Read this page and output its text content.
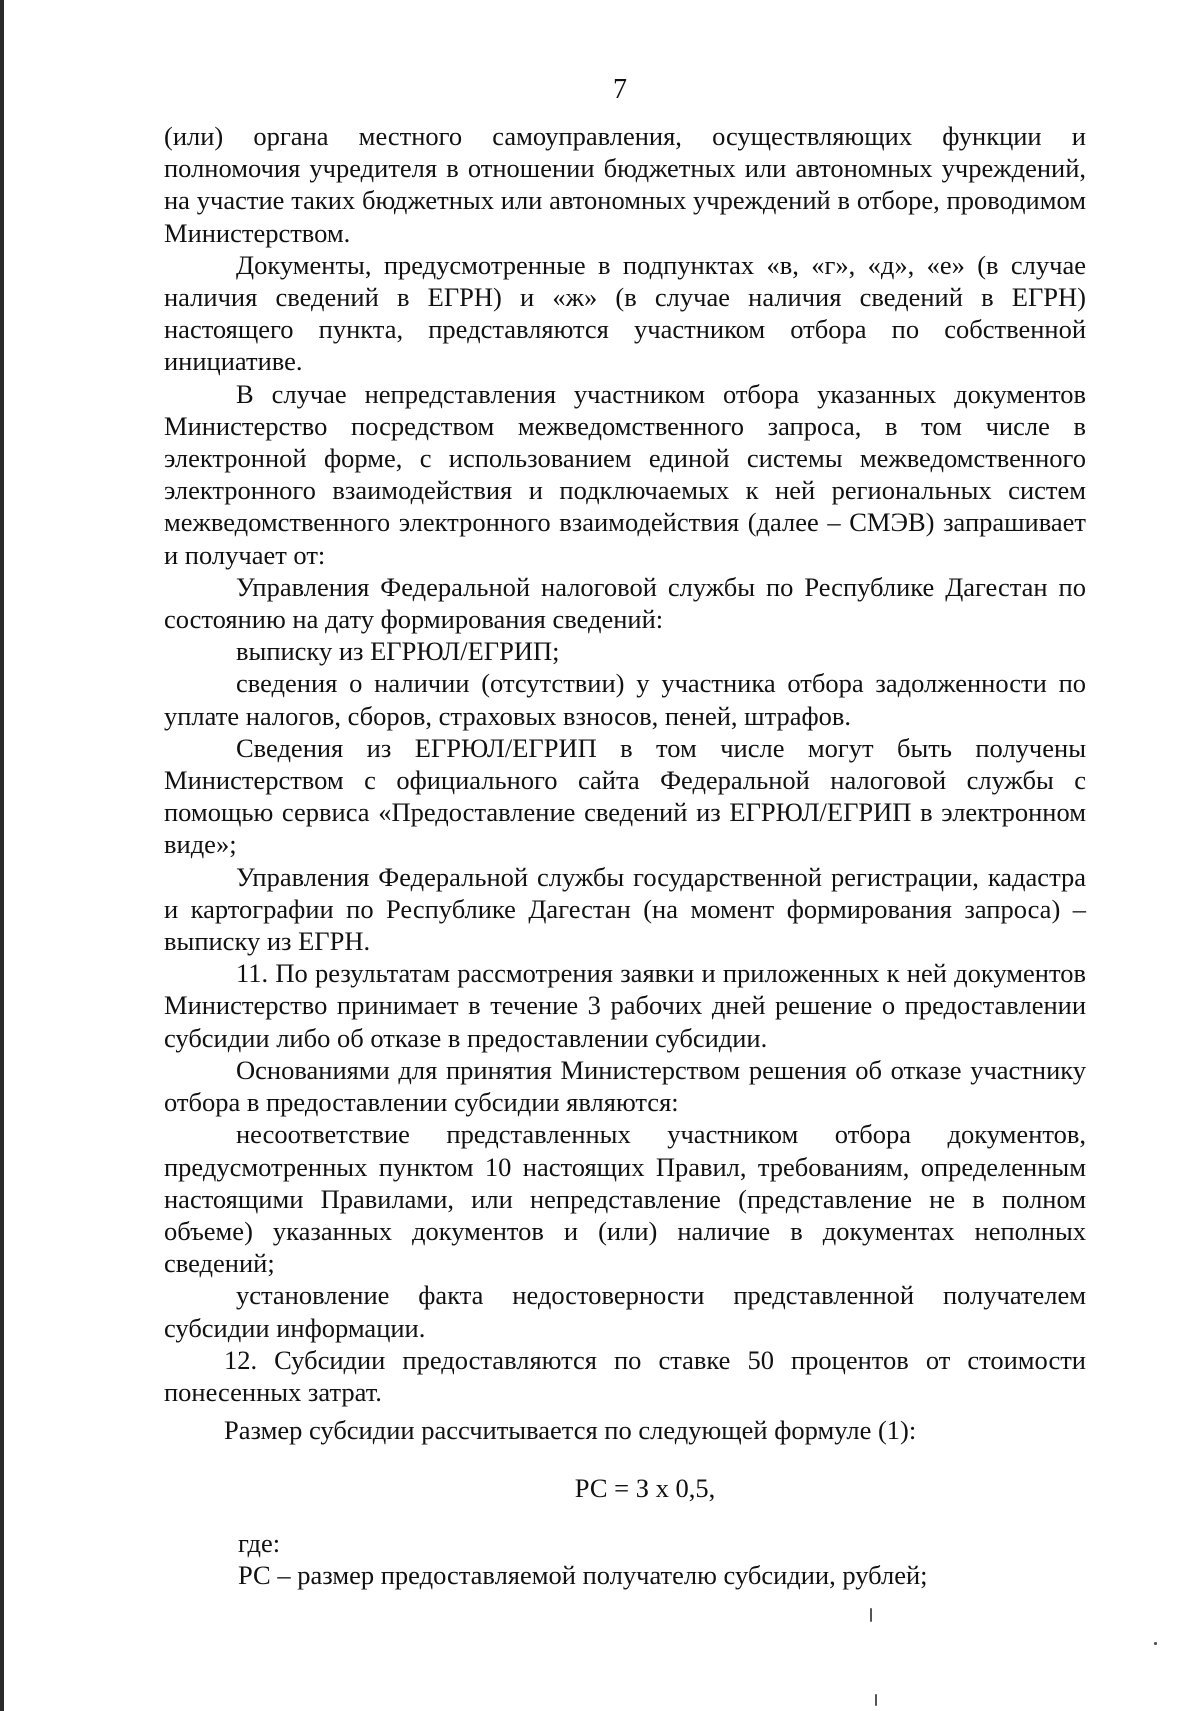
7

(или) органа местного самоуправления, осуществляющих функции и полномочия учредителя в отношении бюджетных или автономных учреждений, на участие таких бюджетных или автономных учреждений в отборе, проводимом Министерством.

Документы, предусмотренные в подпунктах «в, «г», «д», «е» (в случае наличия сведений в ЕГРН) и «ж» (в случае наличия сведений в ЕГРН) настоящего пункта, представляются участником отбора по собственной инициативе.

В случае непредставления участником отбора указанных документов Министерство посредством межведомственного запроса, в том числе в электронной форме, с использованием единой системы межведомственного электронного взаимодействия и подключаемых к ней региональных систем межведомственного электронного взаимодействия (далее – СМЭВ) запрашивает и получает от:

Управления Федеральной налоговой службы по Республике Дагестан по состоянию на дату формирования сведений:

выписку из ЕГРЮЛ/ЕГРИП;

сведения о наличии (отсутствии) у участника отбора задолженности по уплате налогов, сборов, страховых взносов, пеней, штрафов.

Сведения из ЕГРЮЛ/ЕГРИП в том числе могут быть получены Министерством с официального сайта Федеральной налоговой службы с помощью сервиса «Предоставление сведений из ЕГРЮЛ/ЕГРИП в электронном виде»;

Управления Федеральной службы государственной регистрации, кадастра и картографии по Республике Дагестан (на момент формирования запроса) – выписку из ЕГРН.

11. По результатам рассмотрения заявки и приложенных к ней документов Министерство принимает в течение 3 рабочих дней решение о предоставлении субсидии либо об отказе в предоставлении субсидии.

Основаниями для принятия Министерством решения об отказе участнику отбора в предоставлении субсидии являются:

несоответствие представленных участником отбора документов, предусмотренных пунктом 10 настоящих Правил, требованиям, определенным настоящими Правилами, или непредставление (представление не в полном объеме) указанных документов и (или) наличие в документах неполных сведений;

установление факта недостоверности представленной получателем субсидии информации.

12. Субсидии предоставляются по ставке 50 процентов от стоимости понесенных затрат.

Размер субсидии рассчитывается по следующей формуле (1):

РС = З х 0,5,

где:

РС – размер предоставляемой получателю субсидии, рублей;
